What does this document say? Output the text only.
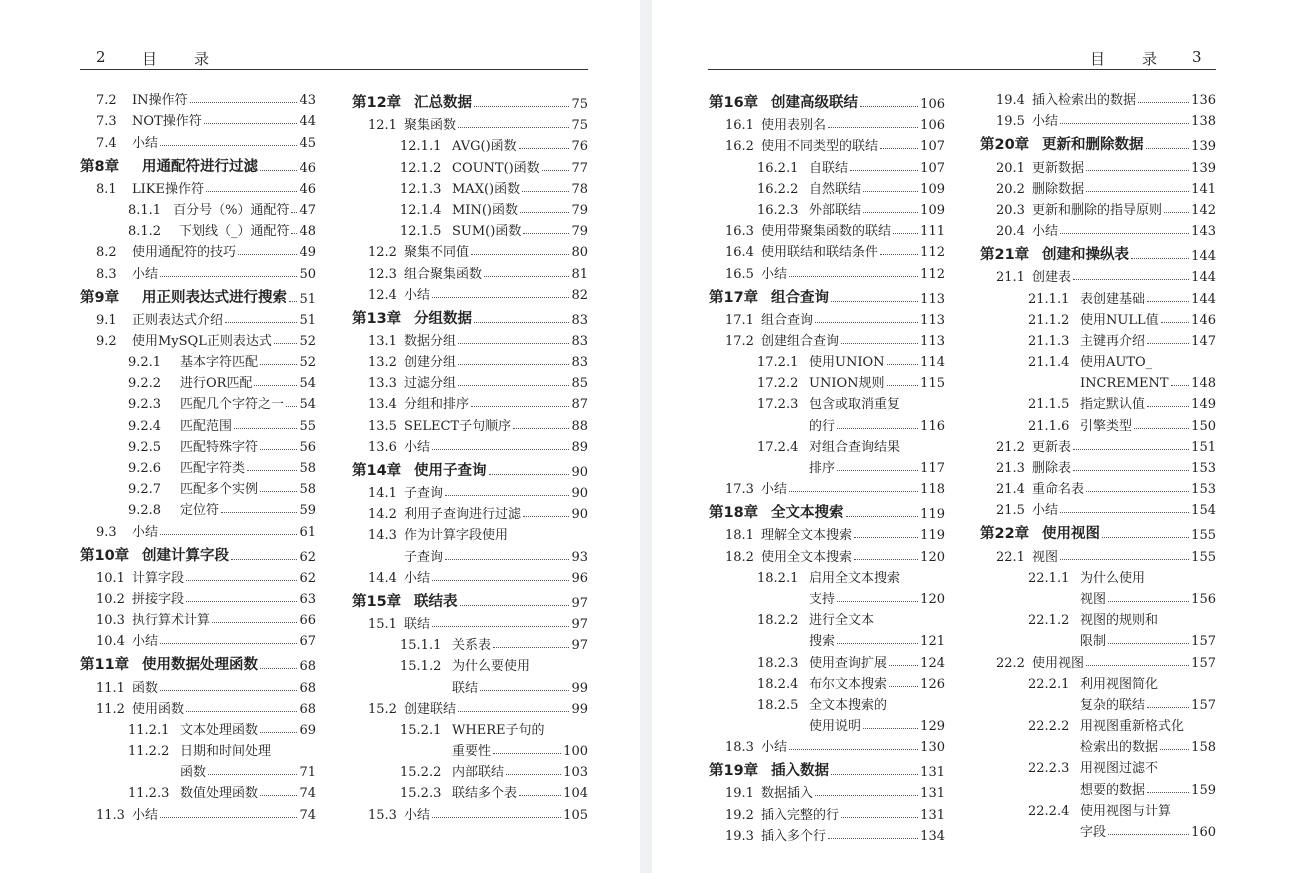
2 目 录
7.2	IN操作符	43
7.3	NOT操作符	44
7.4	小结	45
第8章	用通配符进行过滤	46
8.1	LIKE操作符	46
8.1.1 百分号（%）通配符 47
8.1.2	下划线（_）通配符 48
8.2	使用通配符的技巧	49
8.3	小结	50
第9章	用正则表达式进行搜索 51
9.1	正则表达式介绍	51
9.2	使用MySQL正则表达式 52
9.2.1	基本字符匹配	52
9.2.2	进行OR匹配	54
9.2.3	匹配几个字符之一 54
9.2.4	匹配范围	55
9.2.5	匹配特殊字符	56
9.2.6	匹配字符类	58
9.2.7	匹配多个实例	58
9.2.8	定位符	59
9.3	小结	61
第10章 创建计算字段	62
10.1 计算字段	62
10.2 拼接字段	63
10.3 执行算术计算	66
10.4 小结	67
第11章 使用数据处理函数	68
11.1 函数	68
11.2 使用函数	68
11.2.1 文本处理函数	69
11.2.2 日期和时间处理
函数	71
11.2.3 数值处理函数	74
11.3 小结	74
第12章 汇总数据	75
12.1 聚集函数	75
12.1.1 AVG()函数	76
12.1.2 COUNT()函数 77
12.1.3 MAX()函数	78
12.1.4 MIN()函数	79
12.1.5 SUM()函数	79
12.2 聚集不同值	80
12.3 组合聚集函数	81
12.4 小结	82
第13章 分组数据	83
13.1 数据分组	83
13.2 创建分组	83
13.3 过滤分组	85
13.4 分组和排序	87
13.5 SELECT子句顺序	88
13.6 小结	89
第14章 使用子查询	90
14.1 子查询	90
14.2 利用子查询进行过滤	90
14.3 作为计算字段使用
子查询	93
14.4 小结	96
第15章 联结表	97
15.1 联结	97
15.1.1 关系表	97
15.1.2 为什么要使用
联结	99
15.2 创建联结	99
15.2.1 WHERE子句的
重要性	100
15.2.2 内部联结	103
15.2.3 联结多个表	104
15.3 小结	105
目 录 3
第16章 创建高级联结	106
16.1 使用表别名	106
16.2 使用不同类型的联结	107
16.2.1 自联结	107
16.2.2 自然联结	109
16.2.3 外部联结	109
16.3 使用带聚集函数的联结 111
16.4 使用联结和联结条件	112
16.5 小结	112
第17章 组合查询	113
17.1 组合查询	113
17.2 创建组合查询	113
17.2.1 使用UNION	114
17.2.2 UNION规则	115
17.2.3 包含或取消重复
的行	116
17.2.4 对组合查询结果
排序	117
17.3 小结	118
第18章 全文本搜索	119
18.1 理解全文本搜索	119
18.2 使用全文本搜索	120
18.2.1 启用全文本搜索
支持	120
18.2.2 进行全文本
搜索	121
18.2.3 使用查询扩展	124
18.2.4 布尔文本搜索	126
18.2.5 全文本搜索的
使用说明	129
18.3 小结	130
第19章 插入数据	131
19.1 数据插入	131
19.2 插入完整的行	131
19.3 插入多个行	134
19.4 插入检索出的数据	136
19.5 小结	138
第20章 更新和删除数据	139
20.1 更新数据	139
20.2 删除数据	141
20.3 更新和删除的指导原则 142
20.4 小结	143
第21章 创建和操纵表	144
21.1 创建表	144
21.1.1 表创建基础	144
21.1.2 使用NULL值	146
21.1.3 主键再介绍	147
21.1.4 使用AUTO_
INCREMENT 148
21.1.5 指定默认值	149
21.1.6 引擎类型	150
21.2 更新表	151
21.3 删除表	153
21.4 重命名表	153
21.5 小结	154
第22章 使用视图	155
22.1 视图	155
22.1.1 为什么使用
视图	156
22.1.2 视图的规则和
限制	157
22.2 使用视图	157
22.2.1 利用视图简化
复杂的联结	157
22.2.2 用视图重新格式化
检索出的数据	158
22.2.3 用视图过滤不
想要的数据	159
22.2.4 使用视图与计算
字段	160
